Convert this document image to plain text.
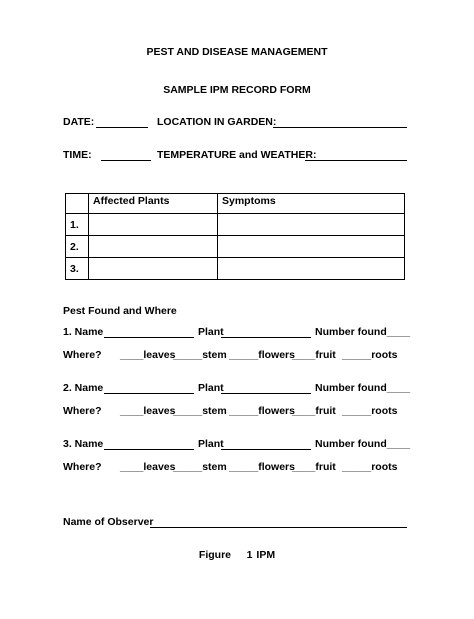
PEST AND DISEASE MANAGEMENT
SAMPLE IPM RECORD FORM
DATE:	LOCATION IN GARDEN:
TIME:	TEMPERATURE and WEATHER:
	Affected Plants	Symptoms
1.		
2.		
3.		
Pest Found and Where
1. Name	Plant	Number found____
Where? ____leaves
_____stem _____flowers
____fruit _____roots
2. Name	Plant	Number found____
Where? ____leaves
_____stem _____flowers
____fruit _____roots
3. Name	Plant	Number found____
Where? ____leaves
_____stem _____flowers
____fruit _____roots
Name of Observer
Figure    1 IPM
